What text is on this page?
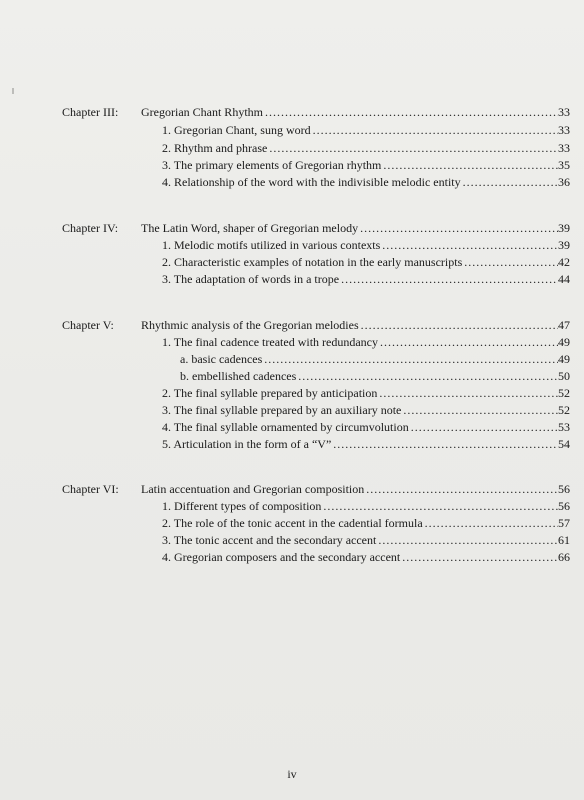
Chapter III: Gregorian Chant Rhythm . . .	33
1. Gregorian Chant, sung word . . .	33
2. Rhythm and phrase . . .	33
3. The primary elements of Gregorian rhythm . . .	35
4. Relationship of the word with the indivisible melodic entity . . .	36
Chapter IV: The Latin Word, shaper of Gregorian melody . . .	39
1. Melodic motifs utilized in various contexts . . .	39
2. Characteristic examples of notation in the early manuscripts . . .	42
3. The adaptation of words in a trope . . .	44
Chapter V: Rhythmic analysis of the Gregorian melodies . . .	47
1. The final cadence treated with redundancy . . .	49
a. basic cadences . . .	49
b. embellished cadences . . .	50
2. The final syllable prepared by anticipation . . .	52
3. The final syllable prepared by an auxiliary note . . .	52
4. The final syllable ornamented by circumvolution . . .	53
5. Articulation in the form of a “V” . . .	54
Chapter VI: Latin accentuation and Gregorian composition . . .	56
1. Different types of composition . . .	56
2. The role of the tonic accent in the cadential formula . . .	57
3. The tonic accent and the secondary accent . . .	61
4. Gregorian composers and the secondary accent . . .	66
iv
